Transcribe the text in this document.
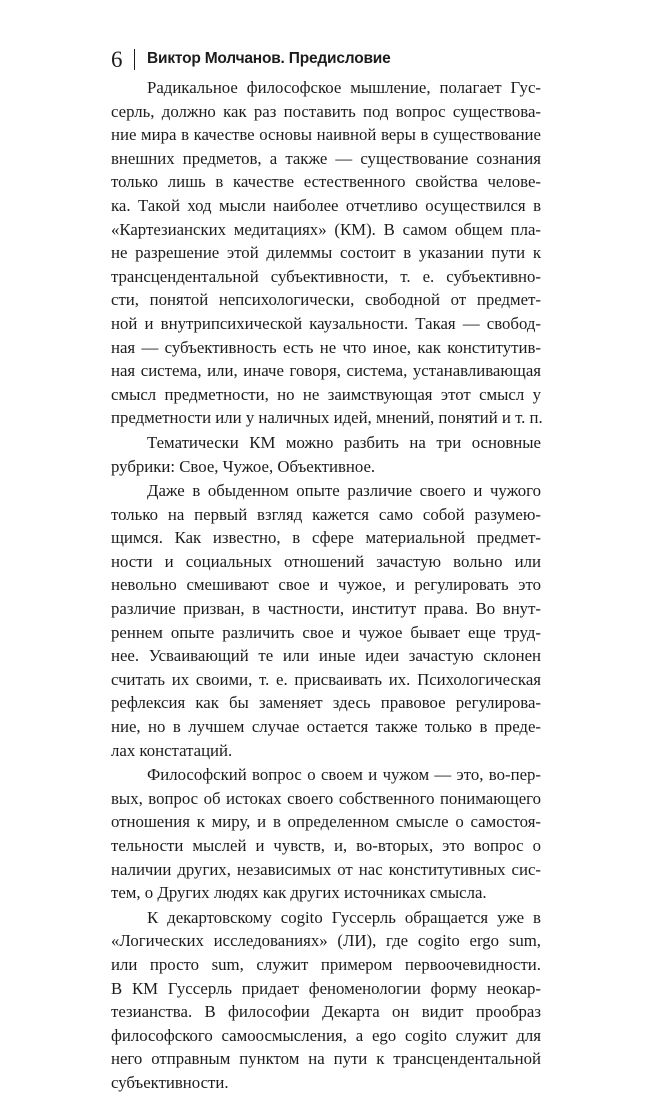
6 Виктор Молчанов. Предисловие
Радикальное философское мышление, полагает Гус-
серль, должно как раз поставить под вопрос существова-
ние мира в качестве основы наивной веры в существование
внешних предметов, а также — существование сознания
только лишь в качестве естественного свойства челове-
ка. Такой ход мысли наиболее отчетливо осуществился в
«Картезианских медитациях» (КМ). В самом общем пла-
не разрешение этой дилеммы состоит в указании пути к
трансцендентальной субъективности, т. е. субъективно-
сти, понятой непсихологически, свободной от предмет-
ной и внутрипсихической каузальности. Такая — свобод-
ная — субъективность есть не что иное, как конститутив-
ная система, или, иначе говоря, система, устанавливающая
смысл предметности, но не заимствующая этот смысл у
предметности или у наличных идей, мнений, понятий и т. п.
Тематически КМ можно разбить на три основные
рубрики: Свое, Чужое, Объективное.
Даже в обыденном опыте различие своего и чужого
только на первый взгляд кажется само собой разумею-
щимся. Как известно, в сфере материальной предмет-
ности и социальных отношений зачастую вольно или
невольно смешивают свое и чужое, и регулировать это
различие призван, в частности, институт права. Во внут-
реннем опыте различить свое и чужое бывает еще труд-
нее. Усваивающий те или иные идеи зачастую склонен
считать их своими, т. е. присваивать их. Психологическая
рефлексия как бы заменяет здесь правовое регулирова-
ние, но в лучшем случае остается также только в преде-
лах констатаций.
Философский вопрос о своем и чужом — это, во-пер-
вых, вопрос об истоках своего собственного понимающего
отношения к миру, и в определенном смысле о самостоя-
тельности мыслей и чувств, и, во-вторых, это вопрос о
наличии других, независимых от нас конститутивных сис-
тем, о Других людях как других источниках смысла.
К декартовскому cogito Гуссерль обращается уже в
«Логических исследованиях» (ЛИ), где cogito ergo sum,
или просто sum, служит примером первоочевидности.
В КМ Гуссерль придает феноменологии форму неокар-
тезианства. В философии Декарта он видит прообраз
философского самоосмысления, а ego cogito служит для
него отправным пунктом на пути к трансцендентальной
субъективности.
